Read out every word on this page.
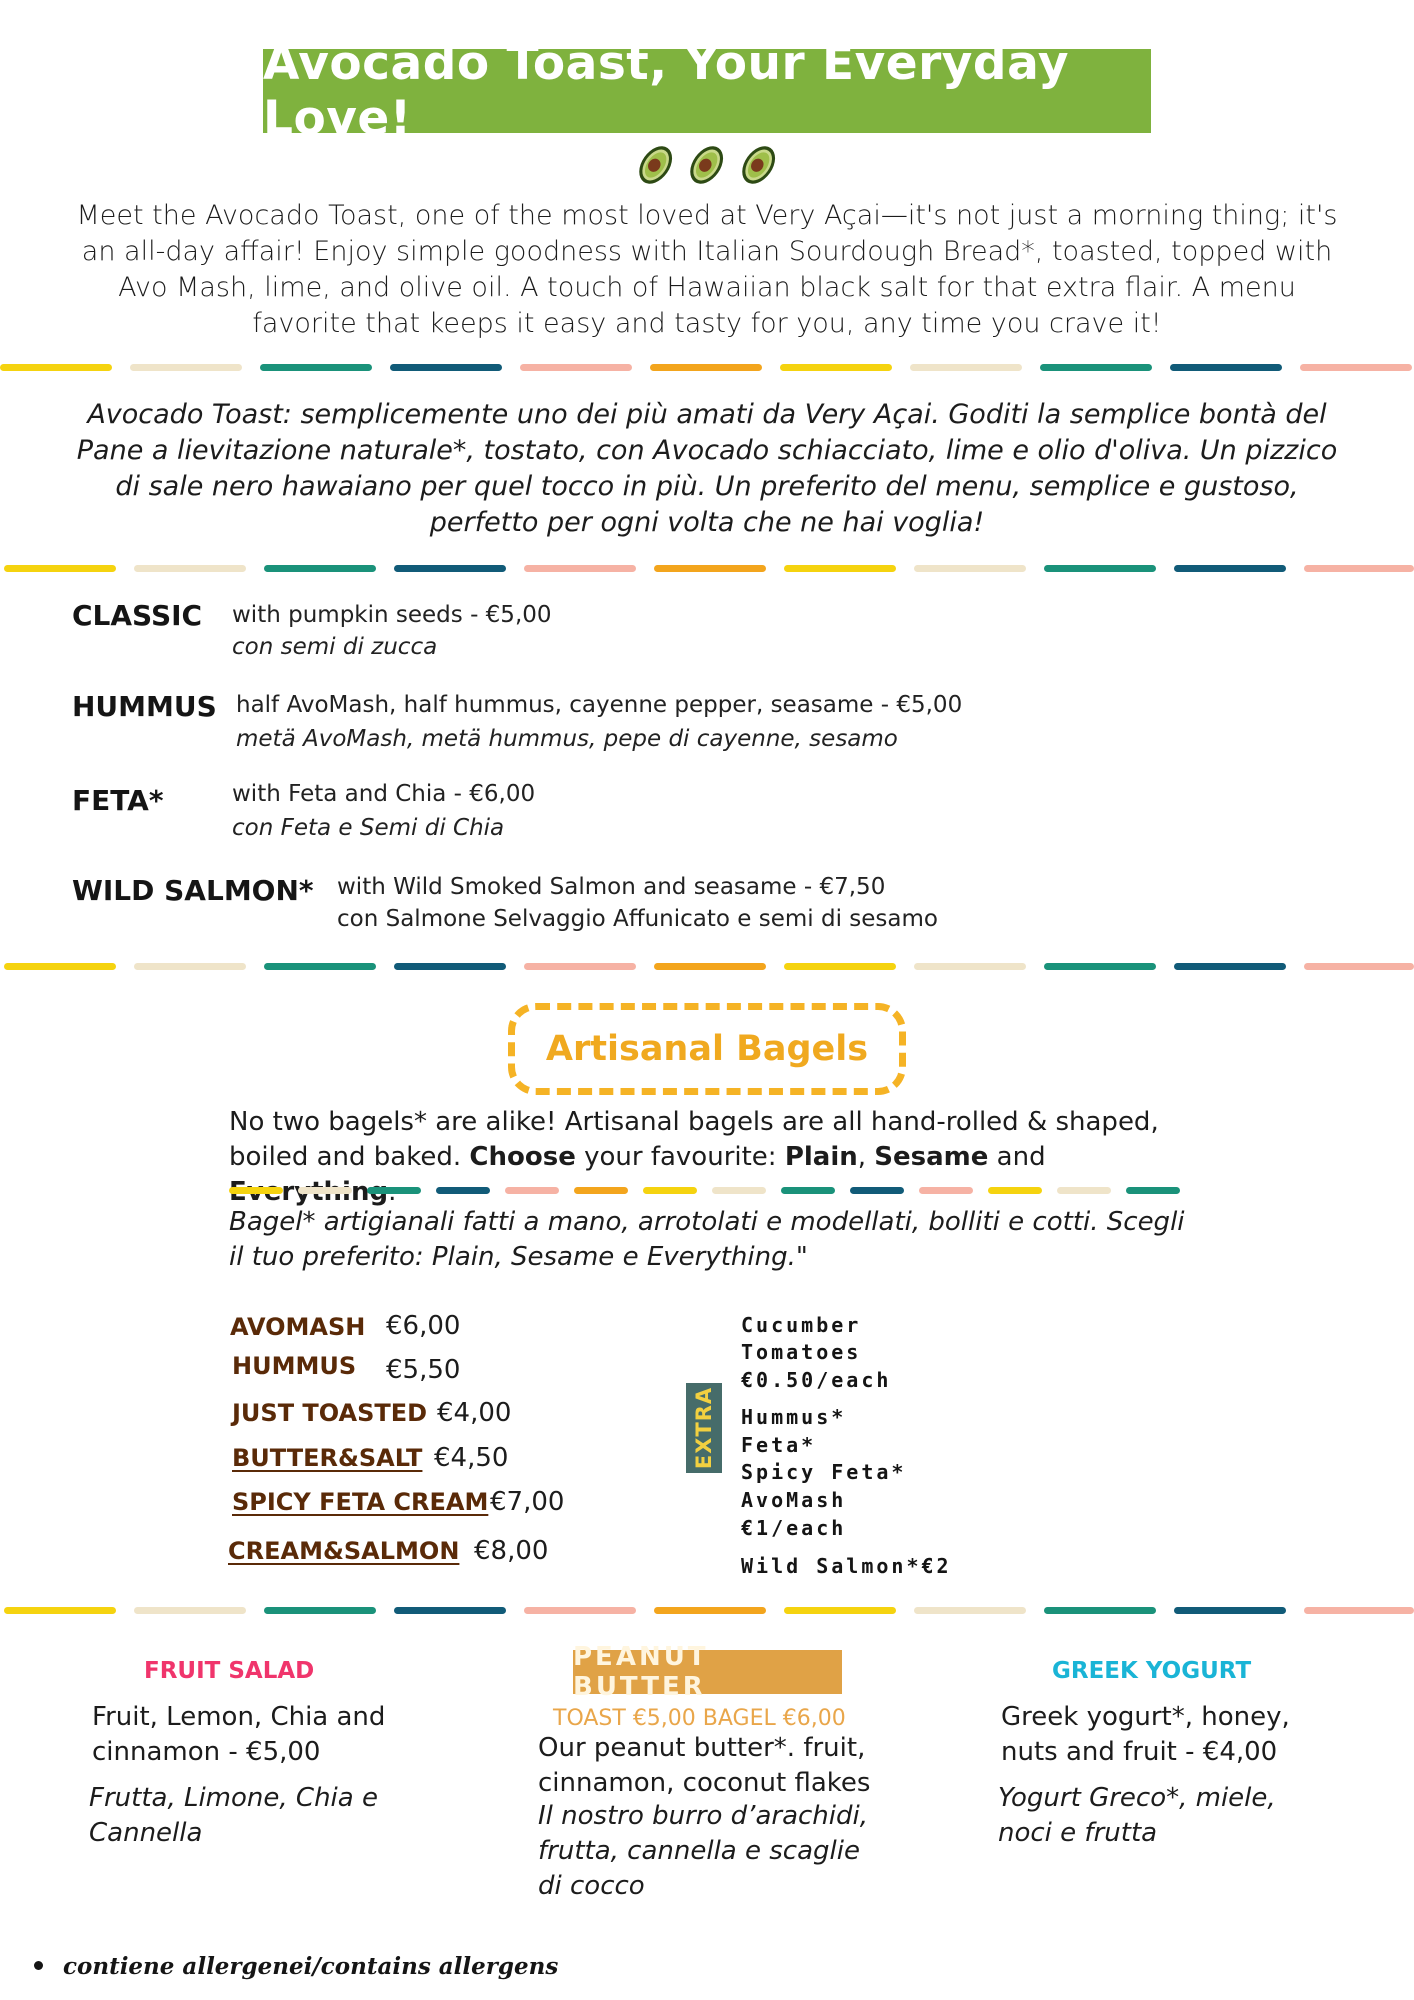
Avocado Toast, Your Everyday Love!

Meet the Avocado Toast, one of the most loved at Very Açai—it's not just a morning thing; it's an all-day affair! Enjoy simple goodness with Italian Sourdough Bread*, toasted, topped with Avo Mash, lime, and olive oil. A touch of Hawaiian black salt for that extra flair. A menu favorite that keeps it easy and tasty for you, any time you crave it!

Avocado Toast: semplicemente uno dei più amati da Very Açai. Goditi la semplice bontà del Pane a lievitazione naturale*, tostato, con Avocado schiacciato, lime e olio d'oliva. Un pizzico di sale nero hawaiano per quel tocco in più. Un preferito del menu, semplice e gustoso, perfetto per ogni volta che ne hai voglia!

CLASSIC with pumpkin seeds - €5,00
con semi di zucca
HUMMUS half AvoMash, half hummus, cayenne pepper, seasame - €5,00
metä AvoMash, metä hummus, pepe di cayenne, sesamo
FETA*	with Feta and Chia - €6,00
con Feta e Semi di Chia
WILD SALMON* with Wild Smoked Salmon and seasame - €7,50
con Salmone Selvaggio Affunicato e semi di sesamo
Artisanal Bagels
No two bagels* are alike! Artisanal bagels are all hand-rolled & shaped,
boiled and baked. Choose your favourite: Plain, Sesame and
Bagel* artigianali fatti a mano, arrotolati e modellati, bolliti e cotti. Scegli il tuo preferito: Plain, Sesame e Everything."
AVOMASH €6,00
HUMMUS €5,50
JUST TOASTED €4,00
BUTTER&SALT €4,50
SPICY FETA CREAM €7,00
CREAM&SALMON €8,00
EXTRA
Cucumber
Tomatoes
€0.50/each
Hummus*
Feta*
Spicy Feta*
AvoMash
€1/each
Wild Salmon*€2
FRUIT SALAD
Fruit, Lemon, Chia and
cinnamon - €5,00
Frutta, Limone, Chia e
Cannella
PEANUT BUTTER
TOAST €5,00 BAGEL €6,00
Our peanut butter*. fruit,
cinnamon, coconut flakes
Il nostro burro d’arachidi,
frutta, cannella e scaglie
di cocco
GREEK YOGURT
Greek yogurt*, honey,
nuts and fruit - €4,00
Yogurt Greco*, miele,
noci e frutta
contiene allergenei/contains allergens
